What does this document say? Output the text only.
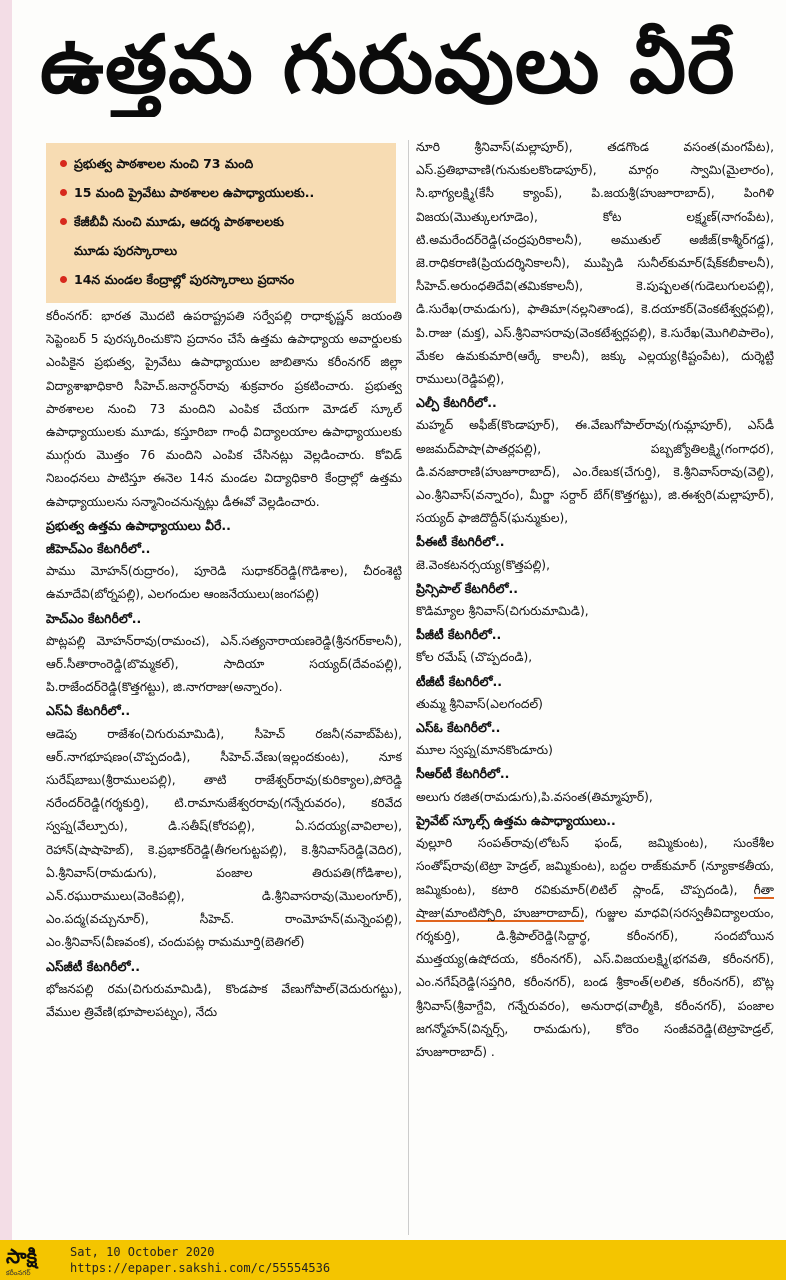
ఉత్తమ గురువులు వీరే
ప్రభుత్వ పాఠశాలల నుంచి 73 మంది
15 మంది ప్రైవేటు పాఠశాలల ఉపాధ్యాయులకు..
కేజీబీవీ నుంచి మూడు, ఆదర్శ పాఠశాలలకు
మూడు పురస్కారాలు
14న మండల కేంద్రాల్లో పురస్కారాలు ప్రదానం

కరీంనగర్: భారత మొదటి ఉపరాష్ట్రపతి సర్వేపల్లి రాధాకృష్ణన్ జయంతి సెప్టెంబర్ 5 పురస్కరించుకొని ప్రదానం చేసే ఉత్తమ ఉపాధ్యాయ అవార్డులకు ఎంపికైన ప్రభుత్వ, ప్రైవేటు ఉపాధ్యాయుల జాబితాను కరీంనగర్ జిల్లా విద్యాశాఖాధికారి సీహెచ్.జనార్దన్‌రావు శుక్రవారం ప్రకటించారు. ప్రభుత్వ పాఠశాలల నుంచి 73 మందిని ఎంపిక చేయగా మోడల్ స్కూల్ ఉపాధ్యాయులకు మూడు, కస్తూరిబా గాంధీ విద్యాలయాల ఉపాధ్యాయులకు ముగ్గురు మొత్తం 76 మందిని ఎంపిక చేసినట్లు వెల్లడించారు. కోవిడ్ నిబంధనలు పాటిస్తూ ఈనెల 14న మండల విద్యాధికారి కేంద్రాల్లో ఉత్తమ ఉపాధ్యాయులను సన్మానించనున్నట్లు డీఈవో వెల్లడించారు.

ప్రభుత్వ ఉత్తమ ఉపాధ్యాయులు వీరే..
జీహెచ్‌ఎం కేటగిరీలో..

పాము మోహన్(రుద్రారం), పూరెడి సుధాకర్‌రెడ్డి(గొడిశాల), చీరంశెట్టి ఉమాదేవి(బోర్నపల్లి), ఎలగందుల ఆంజనేయులు(జంగపల్లి)

హెచ్‌ఎం కేటగిరీలో..

పొట్లపల్లి మోహన్‌రావు(రామంచ), ఎన్.సత్యనారాయణరెడ్డి(శ్రీనగర్‌కాలనీ), ఆర్.సీతారాంరెడ్డి(బొమ్మకల్), సాదియా సయ్యద్(దేవంపల్లి), పి.రాజేందర్‌రెడ్డి(కొత్తగట్టు), జి.నాగరాజు(అన్నారం).

ఎస్ఏ కేటగిరీలో..

ఆడెపు రాజేశం(చిగురుమామిడి), సీహెచ్ రజనీ(నవాబ్‌పేట), ఆర్.నాగభూషణం(చొప్పదండి), సీహెచ్.వేణు(ఇల్లందకుంట), నూక సురేష్‌బాబు(శ్రీరాములపల్లి), తాటి రాజేశ్వర్‌రావు(కురిక్యాల),పోరెడ్డి నరేందర్‌రెడ్డి(గర్శకుర్తి), టి.రామానుజేశ్వరరావు(గన్నేరువరం), కరివేద స్వప్న(వేల్పూరు), డి.సతీష్(కోరపల్లి), ఏ.సదయ్య(వావిలాల), రెహాన్(షాషాహెబ్), కె.ప్రభాకర్‌రెడ్డి(తీగలగుట్టపల్లి), కె.శ్రీనివాస్‌రెడ్డి(వెదిర), ఏ.శ్రీనివాస్(రామడుగు), పంజాల తిరుపతి(గోడిశాల), ఎన్.రఘురాములు(వెంకిపల్లి), డి.శ్రీనివాసరావు(మొలంగూర్), ఎం.పద్మ(వచ్చునూర్), సీహెచ్. రాంమోహన్(మన్నెంపల్లి), ఎం.శ్రీనివాస్(వీణవంక), చందుపట్ల రామమూర్తి(బెతిగల్)

ఎస్‌జీటీ కేటగిరీలో..

భోజనపల్లి రమ(చిగురుమామిడి), కొండపాక వేణుగోపాల్(వెదురుగట్టు), వేముల త్రివేణి(భూపాలపట్నం), నేదు

నూరి శ్రీనివాస్(మల్లాపూర్), తడగొండ వసంత(మంగపేట), ఎస్.ప్రతిభావాణి(గునుకులకొండాపూర్), మార్గం స్వామి(మైలారం), సి.భాగ్యలక్ష్మి(కేసీ క్యాంప్), పి.జయశ్రీ(హుజూరాబాద్), పింగిళి విజయ(మొత్కులగూడెం), కోట లక్ష్మణ్(నాగంపేట), టి.అమరేందర్‌రెడ్డి(చంద్రపురికాలనీ), అముతుల్ అజీజ్(కాశ్మీర్‌గడ్డ), జె.రాధికరాణి(ప్రియదర్శినికాలనీ), ముప్పిడి సునీల్‌కుమార్(షేక్‌కబీకాలనీ), సీహెచ్.అరుంధతిదేవి(తమికకాలనీ), కె.పుష్పలత(గుడెలుగులపల్లి), డి.సురేఖ(రామడుగు), ఫాతిమా(నల్లనితాండ), కె.దయాకర్(వెంకటేశ్వర్లపల్లి), పి.రాజు (మక్త), ఎస్.శ్రీనివాసరావు(వెంకటేశ్వర్లపల్లి), కె.సురేఖ(మొగిలిపాలెం), మేకల ఉమకుమారి(ఆర్కే కాలనీ), జక్కు ఎల్లయ్య(కిష్టంపేట), దుర్శెట్టి రాములు(రెడ్డిపల్లి),

ఎల్పీ కేటగిరీలో..

మహ్మద్ అఫీజ్(కొండాపూర్), ఈ.వేణుగోపాల్‌రావు(గుమ్లాపూర్), ఎస్‌డీ అజమద్‌పాషా(పాతర్లపల్లి), పబ్బజ్యోతిలక్ష్మి(గంగాధర), డి.వనజారాణి(హుజూరాబాద్), ఎం.రేణుక(చేగుర్తి), కె.శ్రీనివాస్‌రావు(వెల్ది), ఎం.శ్రీనివాస్(వన్నారం), మీర్జా సర్దార్ బేగ్(కొత్తగట్టు), జి.ఈశ్వరి(మల్లాపూర్), సయ్యద్ ఫాజిదొద్దీన్(ఘన్ముకుల),

పీఈటీ కేటగిరీలో..

జె.వెంకటనర్సయ్య(కొత్తపల్లి),

ప్రిన్సిపాల్ కేటగిరీలో..

కొడిమ్యాల శ్రీనివాస్(చిగురుమామిడి),

పీజీటీ కేటగిరీలో..

కోల రమేష్ (చొప్పదండి),

టీజీటీ కేటగిరీలో..

తుమ్మ శ్రీనివాస్(ఎలగందల్)

ఎస్ఓ కేటగిరీలో..

మూల స్వప్న(మానకొండూరు)

సీఆర్‌టీ కేటగిరీలో..

అలుగు రజిత(రామడుగు),పి.వసంత(తిమ్మాపూర్),

ప్రైవేట్ స్కూల్స్ ఉత్తమ ఉపాధ్యాయులు..

వుల్లూరి సంపత్‌రావు(లోటస్ ఫండ్, జమ్మికుంట), సుంకేశీల సంతోష్‌రావు(టెట్రా హెడ్రల్, జమ్మికుంట), బద్దల రాజ్‌కుమార్ (న్యూకాకతీయ, జమ్మికుంట), కటారి రవికుమార్(లిటిల్ స్లాండ్, చొప్పదండి), గీతా షాజు(మాంటిస్సోరి, హుజూరాబాద్), గుజ్జుల మాధవి(సరస్వతీవిద్యాలయం, గర్శకుర్తి), డి.శ్రీపాల్‌రెడ్డి(సిద్దార్థ, కరీంనగర్), సందబోయిన ముత్తయ్య(ఉషోదయ, కరీంనగర్), ఎస్.విజయలక్ష్మి(భగవతి, కరీంనగర్), ఎం.నగేష్‌రెడ్డి(సప్తగిరి, కరీంనగర్), బండ శ్రీకాంత్(లలిత, కరీంనగర్), బొట్ల శ్రీనివాస్(శ్రీవాగ్దేవి, గన్నేరువరం), అనురాధ(వాల్మీకి, కరీంనగర్), పంజాల జగన్మోహన్(విన్నర్స్, రామడుగు), కోరెం సంజీవరెడ్డి(టెట్రాహెడ్రల్, హుజూరాబాద్) .

సాక్షి
కరీంనగర్
Sat, 10 October 2020
https://epaper.sakshi.com/c/55554536
